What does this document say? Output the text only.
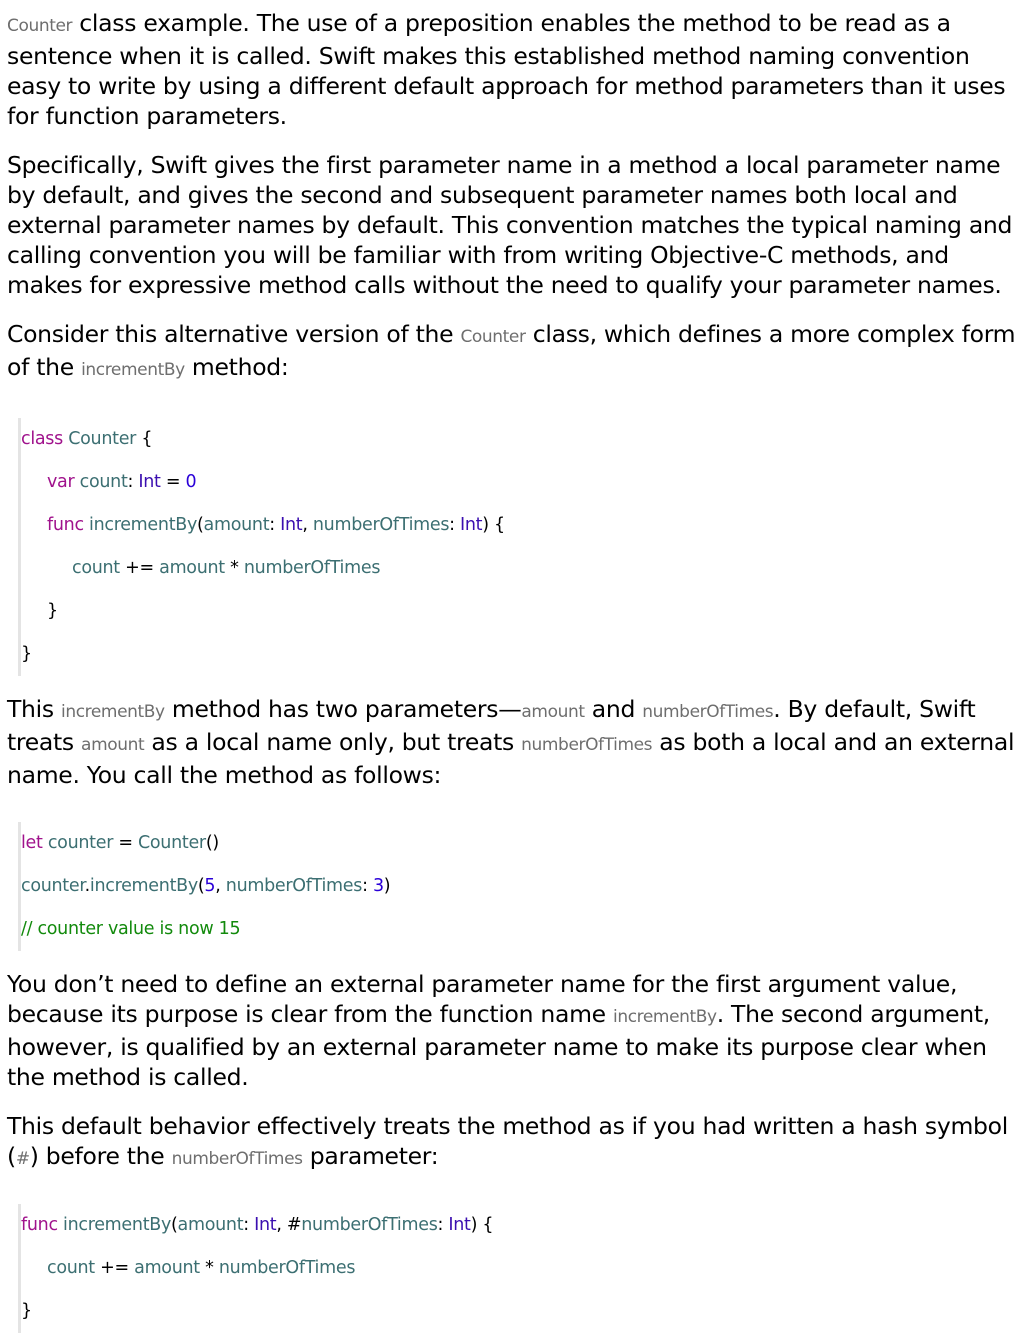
Counter class example. The use of a preposition enables the method to be read as a sentence when it is called. Swift makes this established method naming convention easy to write by using a different default approach for method parameters than it uses for function parameters.

Specifically, Swift gives the first parameter name in a method a local parameter name by default, and gives the second and subsequent parameter names both local and external parameter names by default. This convention matches the typical naming and calling convention you will be familiar with from writing Objective-C methods, and makes for expressive method calls without the need to qualify your parameter names.

Consider this alternative version of the Counter class, which defines a more complex form of the incrementBy method:

class Counter {
var count: Int = 0
func incrementBy(amount: Int, numberOfTimes: Int) {
count += amount * numberOfTimes
}
}

This incrementBy method has two parameters—amount and numberOfTimes. By default, Swift treats amount as a local name only, but treats numberOfTimes as both a local and an external name. You call the method as follows:

let counter = Counter()
counter.incrementBy(5, numberOfTimes: 3)
// counter value is now 15

You don’t need to define an external parameter name for the first argument value, because its purpose is clear from the function name incrementBy. The second argument, however, is qualified by an external parameter name to make its purpose clear when the method is called.

This default behavior effectively treats the method as if you had written a hash symbol (#) before the numberOfTimes parameter:

func incrementBy(amount: Int, #numberOfTimes: Int) {
count += amount * numberOfTimes
}
